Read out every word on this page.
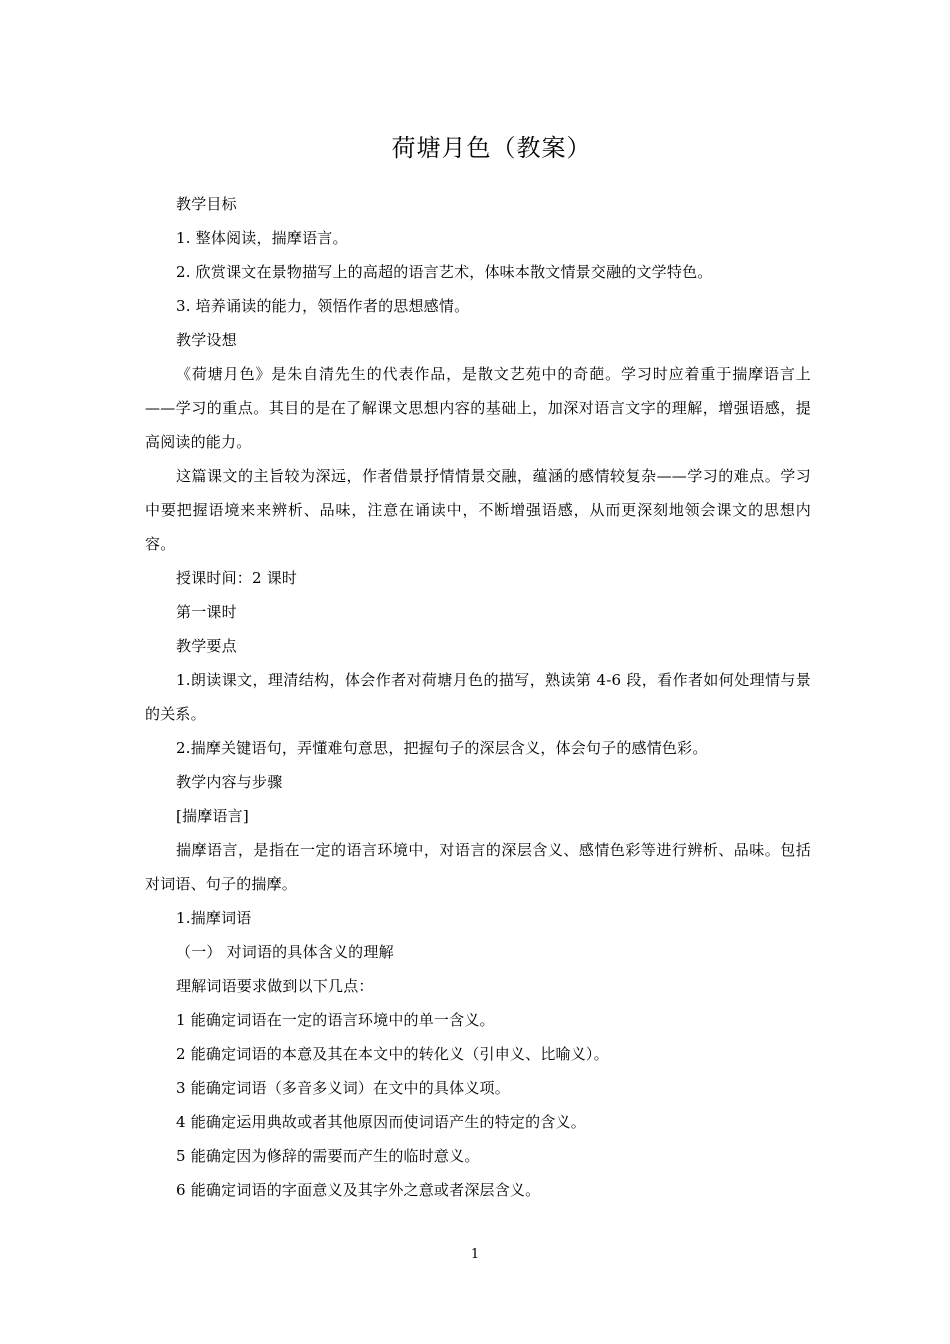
荷塘月色（教案）

教学目标

1. 整体阅读，揣摩语言。

2. 欣赏课文在景物描写上的高超的语言艺术，体味本散文情景交融的文学特色。

3. 培养诵读的能力，领悟作者的思想感情。

教学设想

《荷塘月色》是朱自清先生的代表作品，是散文艺苑中的奇葩。学习时应着重于揣摩语言上——学习的重点。其目的是在了解课文思想内容的基础上，加深对语言文字的理解，增强语感，提高阅读的能力。

这篇课文的主旨较为深远，作者借景抒情情景交融，蕴涵的感情较复杂——学习的难点。学习中要把握语境来来辨析、品味，注意在诵读中，不断增强语感，从而更深刻地领会课文的思想内容。

授课时间：2 课时

第一课时

教学要点

1.朗读课文，理清结构，体会作者对荷塘月色的描写，熟读第 4-6 段，看作者如何处理情与景的关系。

2.揣摩关键语句，弄懂难句意思，把握句子的深层含义，体会句子的感情色彩。

教学内容与步骤

[揣摩语言]

揣摩语言，是指在一定的语言环境中，对语言的深层含义、感情色彩等进行辨析、品味。包括对词语、句子的揣摩。

1.揣摩词语

（一） 对词语的具体含义的理解

理解词语要求做到以下几点：

1 能确定词语在一定的语言环境中的单一含义。

2 能确定词语的本意及其在本文中的转化义（引申义、比喻义）。

3 能确定词语（多音多义词）在文中的具体义项。

4 能确定运用典故或者其他原因而使词语产生的特定的含义。

5 能确定因为修辞的需要而产生的临时意义。

6 能确定词语的字面意义及其字外之意或者深层含义。

1
